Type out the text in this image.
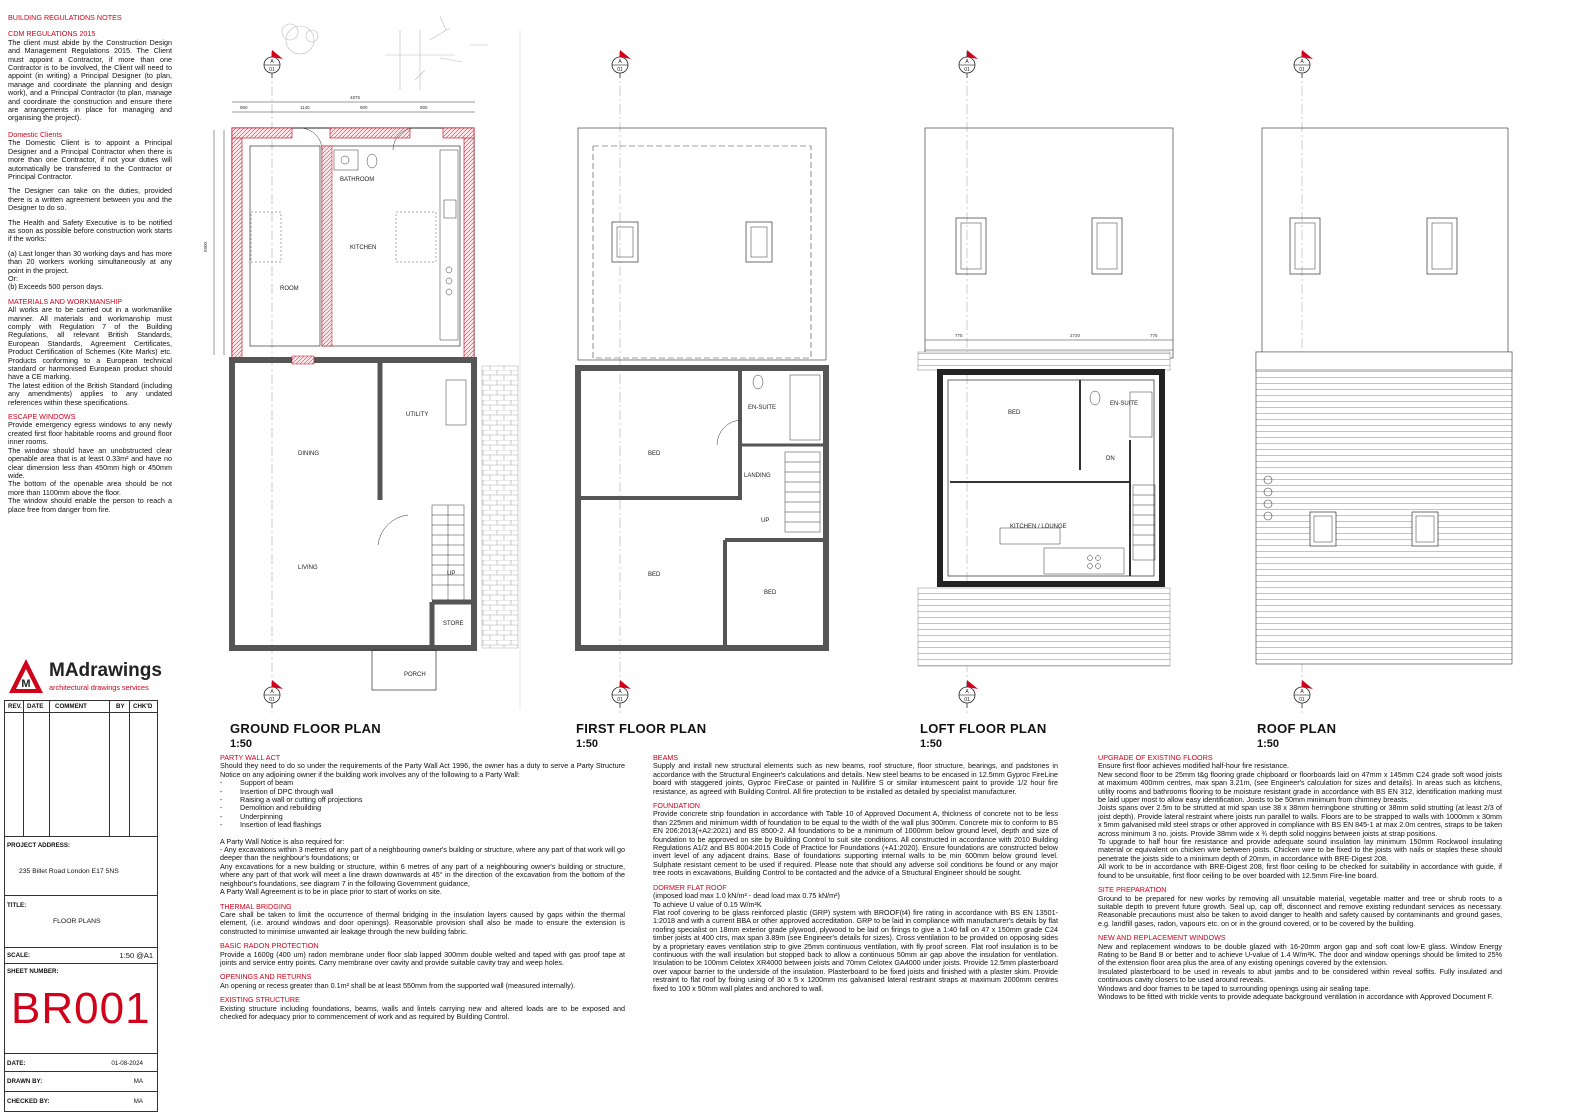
BUILDING REGULATIONS NOTES
CDM REGULATIONS 2015

The client must abide by the Construction Design and Management Regulations 2015. The Client must appoint a Contractor, if more than one Contractor is to be involved, the Client will need to appoint (in writing) a Principal Designer (to plan, manage and coordinate the planning and design work), and a Principal Contractor (to plan, manage and coordinate the construction and ensure there are arrangements in place for managing and organising the project).

Domestic Clients

The Domestic Client is to appoint a Principal Designer and a Principal Contractor when there is more than one Contractor, if not your duties will automatically be transferred to the Contractor or Principal Contractor.

The Designer can take on the duties, provided there is a written agreement between you and the Designer to do so.

The Health and Safety Executive is to be notified as soon as possible before construction work starts if the works:

(a) Last longer than 30 working days and has more than 20 workers working simultaneously at any point in the project.

Or:

(b) Exceeds 500 person days.

MATERIALS AND WORKMANSHIP

All works are to be carried out in a workmanlike manner. All materials and workmanship must comply with Regulation 7 of the Building Regulations, all relevant British Standards, European Standards, Agreement Certificates, Product Certification of Schemes (Kite Marks) etc. Products conforming to a European technical standard or harmonised European product should have a CE marking.

The latest edition of the British Standard (including any amendments) applies to any undated references within these specifications.

ESCAPE WINDOWS

Provide emergency egress windows to any newly created first floor habitable rooms and ground floor inner rooms.

The window should have an unobstructed clear openable area that is at least 0.33m² and have no clear dimension less than 450mm high or 450mm wide.

The bottom of the openable area should be not more than 1100mm above the floor.

The window should enable the person to reach a place free from danger from fire.

M
MAdrawings
architectural drawings services
REV. DATE COMMENT	BY CHK'D
PROJECT ADDRESS:
235 Billet Road London E17 5NS
TITLE:
FLOOR PLANS
SCALE:	1:50 @A1
SHEET NUMBER:
BR001
DATE:	01-08-2024
DRAWN BY:	MA
CHECKED BY:	MA
4875
950	1140	900	900
5900
775	2720	775
BATHROOM
KITCHEN
ROOM
UTILITY
DINING
LIVING
UP
STORE
PORCH
BED
BED
BED
EN-SUITE
LANDING
UP
BED
EN-SUITE
DN
KITCHEN / LOUNGE
A
01
A
01
A
01
A
01
A
01
A
01
A
01
A
01
GROUND FLOOR PLAN
1:50
FIRST FLOOR PLAN
1:50
LOFT FLOOR PLAN
1:50
ROOF PLAN
1:50
PARTY WALL ACT

Should they need to do so under the requirements of the Party Wall Act 1996, the owner has a duty to serve a Party Structure Notice on any adjoining owner if the building work involves any of the following to a Party Wall:

- Support of beam
- Insertion of DPC through wall
- Raising a wall or cutting off projections
- Demolition and rebuilding
- Underpinning
- Insertion of lead flashings

A Party Wall Notice is also required for:

- Any excavations within 3 metres of any part of a neighbouring owner's building or structure, where any part of that work will go deeper than the neighbour's foundations; or

Any excavations for a new building or structure, within 6 metres of any part of a neighbouring owner's building or structure, where any part of that work will meet a line drawn downwards at 45° in the direction of the excavation from the bottom of the neighbour's foundations, see diagram 7 in the following Government guidance,

A Party Wall Agreement is to be in place prior to start of works on site.

THERMAL BRIDGING

Care shall be taken to limit the occurrence of thermal bridging in the insulation layers caused by gaps within the thermal element, (i.e. around windows and door openings). Reasonable provision shall also be made to ensure the extension is constructed to minimise unwanted air leakage through the new building fabric.

BASIC RADON PROTECTION

Provide a 1600g (400 um) radon membrane under floor slab lapped 300mm double welted and taped with gas proof tape at joints and service entry points. Carry membrane over cavity and provide suitable cavity tray and weep holes.

OPENINGS AND RETURNS

An opening or recess greater than 0.1m² shall be at least 550mm from the supported wall (measured internally).

EXISTING STRUCTURE

Existing structure including foundations, beams, walls and lintels carrying new and altered loads are to be exposed and checked for adequacy prior to commencement of work and as required by Building Control.

BEAMS

Supply and install new structural elements such as new beams, roof structure, floor structure, bearings, and padstones in accordance with the Structural Engineer's calculations and details. New steel beams to be encased in 12.5mm Gyproc FireLine board with staggered joints, Gyproc FireCase or painted in Nullifire S or similar intumescent paint to provide 1/2 hour fire resistance, as agreed with Building Control. All fire protection to be installed as detailed by specialist manufacturer.

FOUNDATION

Provide concrete strip foundation in accordance with Table 10 of Approved Document A, thickness of concrete not to be less than 225mm and minimum width of foundation to be equal to the width of the wall plus 300mm. Concrete mix to conform to BS EN 206:2013(+A2:2021) and BS 8500-2. All foundations to be a minimum of 1000mm below ground level, depth and size of foundation to be approved on site by Building Control to suit site conditions. All constructed in accordance with 2010 Building Regulations A1/2 and BS 8004:2015 Code of Practice for Foundations (+A1:2020). Ensure foundations are constructed below invert level of any adjacent drains. Base of foundations supporting internal walls to be min 600mm below ground level. Sulphate resistant cement to be used if required. Please note that should any adverse soil conditions be found or any major tree roots in excavations, Building Control to be contacted and the advice of a Structural Engineer should be sought.

DORMER FLAT ROOF

(imposed load max 1.0 kN/m² - dead load max 0.75 kN/m²)

To achieve U value of 0.15 W/m²K

Flat roof covering to be glass reinforced plastic (GRP) system with BROOF(t4) fire rating in accordance with BS EN 13501-1:2018 and with a current BBA or other approved accreditation. GRP to be laid in compliance with manufacturer's details by flat roofing specialist on 18mm exterior grade plywood, plywood to be laid on firings to give a 1:40 fall on 47 x 150mm grade C24 timber joists at 400 ctrs, max span 3.89m (see Engineer's details for sizes). Cross ventilation to be provided on opposing sides by a proprietary eaves ventilation strip to give 25mm continuous ventilation, with fly proof screen. Flat roof insulation is to be continuous with the wall insulation but stopped back to allow a continuous 50mm air gap above the insulation for ventilation. Insulation to be 100mm Celotex XR4000 between joists and 70mm Celotex GA4000 under joists. Provide 12.5mm plasterboard over vapour barrier to the underside of the insulation. Plasterboard to be fixed joists and finished with a plaster skim. Provide restraint to flat roof by fixing using of 30 x 5 x 1200mm ms galvanised lateral restraint straps at maximum 2000mm centres fixed to 100 x 50mm wall plates and anchored to wall.

UPGRADE OF EXISTING FLOORS

Ensure first floor achieves modified half-hour fire resistance.

New second floor to be 25mm t&g flooring grade chipboard or floorboards laid on 47mm x 145mm C24 grade soft wood joists at maximum 400mm centres, max span 3.21m, (see Engineer's calculation for sizes and details). In areas such as kitchens, utility rooms and bathrooms flooring to be moisture resistant grade in accordance with BS EN 312, identification marking must be laid upper most to allow easy identification. Joists to be 50mm minimum from chimney breasts.

Joists spans over 2.5m to be strutted at mid span use 38 x 38mm herringbone strutting or 38mm solid strutting (at least 2/3 of joist depth). Provide lateral restraint where joists run parallel to walls. Floors are to be strapped to walls with 1000mm x 30mm x 5mm galvanised mild steel straps or other approved in compliance with BS EN 845-1 at max 2.0m centres, straps to be taken across minimum 3 no. joists. Provide 38mm wide x ¾ depth solid noggins between joists at strap positions.

To upgrade to half hour fire resistance and provide adequate sound insulation lay minimum 150mm Rockwool insulating material or equivalent on chicken wire between joists. Chicken wire to be fixed to the joists with nails or staples these should penetrate the joists side to a minimum depth of 20mm, in accordance with BRE-Digest 208.

All work to be in accordance with BRE-Digest 208, first floor ceiling to be checked for suitability in accordance with guide, if found to be unsuitable, first floor ceiling to be over boarded with 12.5mm Fire-line board.

SITE PREPARATION

Ground to be prepared for new works by removing all unsuitable material, vegetable matter and tree or shrub roots to a suitable depth to prevent future growth. Seal up, cap off, disconnect and remove existing redundant services as necessary. Reasonable precautions must also be taken to avoid danger to health and safety caused by contaminants and ground gases, e.g. landfill gases, radon, vapours etc. on or in the ground covered, or to be covered by the building.

NEW AND REPLACEMENT WINDOWS

New and replacement windows to be double glazed with 16-20mm argon gap and soft coat low-E glass. Window Energy Rating to be Band B or better and to achieve U-value of 1.4 W/m²K. The door and window openings should be limited to 25% of the extension floor area plus the area of any existing openings covered by the extension.

Insulated plasterboard to be used in reveals to abut jambs and to be considered within reveal soffits. Fully insulated and continuous cavity closers to be used around reveals.

Windows and door frames to be taped to surrounding openings using air sealing tape.

Windows to be fitted with trickle vents to provide adequate background ventilation in accordance with Approved Document F.
